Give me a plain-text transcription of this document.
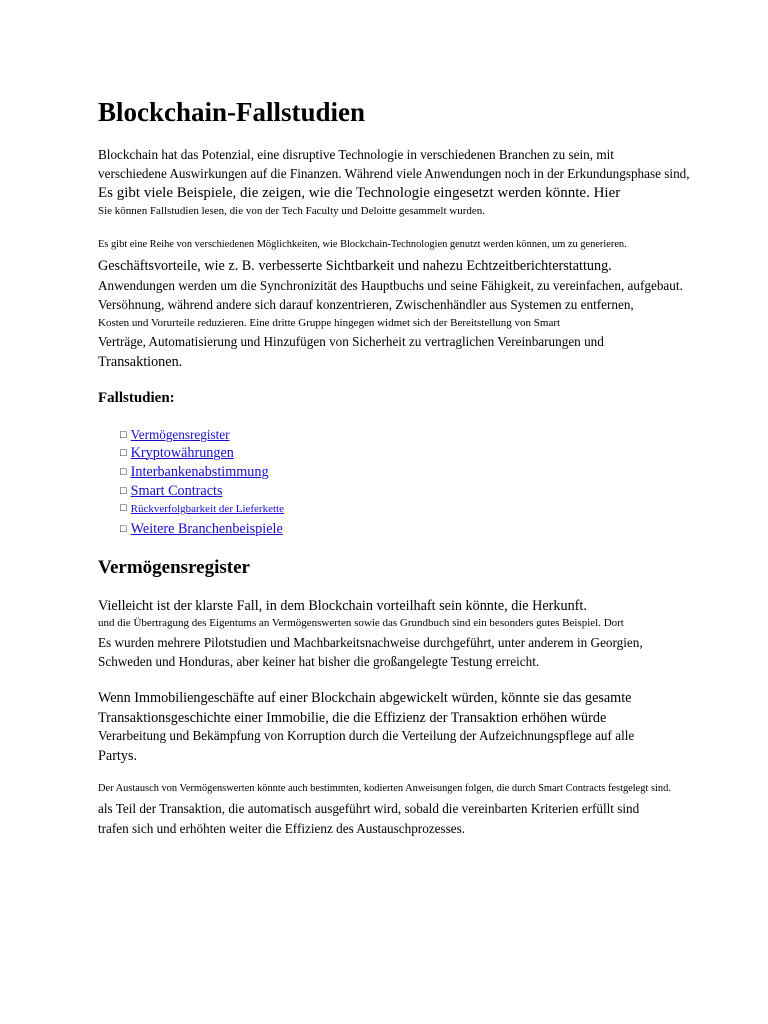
Blockchain-Fallstudien
Blockchain hat das Potenzial, eine disruptive Technologie in verschiedenen Branchen zu sein, mit
verschiedene Auswirkungen auf die Finanzen. Während viele Anwendungen noch in der Erkundungsphase sind,
Es gibt viele Beispiele, die zeigen, wie die Technologie eingesetzt werden könnte. Hier
Sie können Fallstudien lesen, die von der Tech Faculty und Deloitte gesammelt wurden.
Es gibt eine Reihe von verschiedenen Möglichkeiten, wie Blockchain-Technologien genutzt werden können, um zu generieren.
Geschäftsvorteile, wie z. B. verbesserte Sichtbarkeit und nahezu Echtzeitberichterstattung.
Anwendungen werden um die Synchronizität des Hauptbuchs und seine Fähigkeit, zu vereinfachen, aufgebaut.
Versöhnung, während andere sich darauf konzentrieren, Zwischenhändler aus Systemen zu entfernen,
Kosten und Vorurteile reduzieren. Eine dritte Gruppe hingegen widmet sich der Bereitstellung von Smart
Verträge, Automatisierung und Hinzufügen von Sicherheit zu vertraglichen Vereinbarungen und
Transaktionen.
Fallstudien:
□ Vermögensregister
□ Kryptowährungen
□ Interbankenabstimmung
□ Smart Contracts
□ Rückverfolgbarkeit der Lieferkette
□ Weitere Branchenbeispiele
Vermögensregister
Vielleicht ist der klarste Fall, in dem Blockchain vorteilhaft sein könnte, die Herkunft.
und die Übertragung des Eigentums an Vermögenswerten sowie das Grundbuch sind ein besonders gutes Beispiel. Dort
Es wurden mehrere Pilotstudien und Machbarkeitsnachweise durchgeführt, unter anderem in Georgien,
Schweden und Honduras, aber keiner hat bisher die großangelegte Testung erreicht.
Wenn Immobiliengeschäfte auf einer Blockchain abgewickelt würden, könnte sie das gesamte
Transaktionsgeschichte einer Immobilie, die die Effizienz der Transaktion erhöhen würde
Verarbeitung und Bekämpfung von Korruption durch die Verteilung der Aufzeichnungspflege auf alle
Partys.
Der Austausch von Vermögenswerten könnte auch bestimmten, kodierten Anweisungen folgen, die durch Smart Contracts festgelegt sind.
als Teil der Transaktion, die automatisch ausgeführt wird, sobald die vereinbarten Kriterien erfüllt sind
trafen sich und erhöhten weiter die Effizienz des Austauschprozesses.
